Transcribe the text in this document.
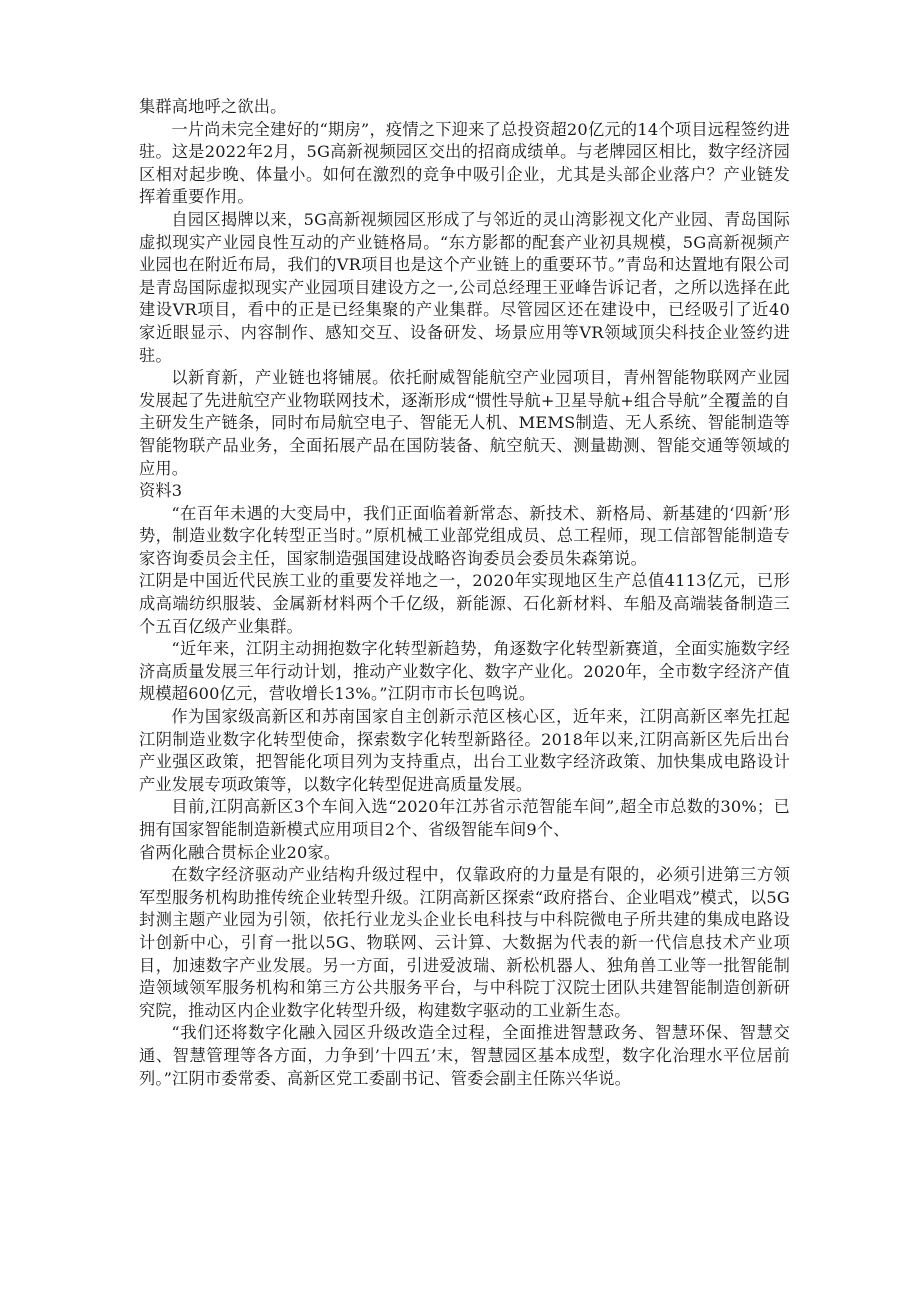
集群高地呼之欲出。

一片尚未完全建好的“期房”，疫情之下迎来了总投资超20亿元的14个项目远程签约进驻。这是2022年2月，5G高新视频园区交出的招商成绩单。与老牌园区相比，数字经济园区相对起步晚、体量小。如何在激烈的竞争中吸引企业，尤其是头部企业落户？产业链发挥着重要作用。

自园区揭牌以来，5G高新视频园区形成了与邻近的灵山湾影视文化产业园、青岛国际虚拟现实产业园良性互动的产业链格局。“东方影都的配套产业初具规模，5G高新视频产业园也在附近布局，我们的VR项目也是这个产业链上的重要环节。”青岛和达置地有限公司是青岛国际虚拟现实产业园项目建设方之一,公司总经理王亚峰告诉记者，之所以选择在此建设VR项目，看中的正是已经集聚的产业集群。尽管园区还在建设中，已经吸引了近40家近眼显示、内容制作、感知交互、设备研发、场景应用等VR领域顶尖科技企业签约进驻。

以新育新，产业链也将铺展。依托耐威智能航空产业园项目，青州智能物联网产业园发展起了先进航空产业物联网技术，逐渐形成“惯性导航+卫星导航+组合导航”全覆盖的自主研发生产链条，同时布局航空电子、智能无人机、MEMS制造、无人系统、智能制造等智能物联产品业务，全面拓展产品在国防装备、航空航天、测量勘测、智能交通等领域的应用。

资料3

“在百年未遇的大变局中，我们正面临着新常态、新技术、新格局、新基建的‘四新’形势，制造业数字化转型正当时。”原机械工业部党组成员、总工程师，现工信部智能制造专家咨询委员会主任，国家制造强国建设战略咨询委员会委员朱森第说。

江阴是中国近代民族工业的重要发祥地之一，2020年实现地区生产总值4113亿元，已形成高端纺织服装、金属新材料两个千亿级，新能源、石化新材料、车船及高端装备制造三个五百亿级产业集群。

“近年来，江阴主动拥抱数字化转型新趋势，角逐数字化转型新赛道，全面实施数字经济高质量发展三年行动计划，推动产业数字化、数字产业化。2020年，全市数字经济产值规模超600亿元，营收增长13%。”江阴市市长包鸣说。

作为国家级高新区和苏南国家自主创新示范区核心区，近年来，江阴高新区率先扛起江阴制造业数字化转型使命，探索数字化转型新路径。2018年以来,江阴高新区先后出台产业强区政策，把智能化项目列为支持重点，出台工业数字经济政策、加快集成电路设计产业发展专项政策等，以数字化转型促进高质量发展。

目前,江阴高新区3个车间入选“2020年江苏省示范智能车间”,超全市总数的30%；已拥有国家智能制造新模式应用项目2个、省级智能车间9个、

省两化融合贯标企业20家。

在数字经济驱动产业结构升级过程中，仅靠政府的力量是有限的，必须引进第三方领军型服务机构助推传统企业转型升级。江阴高新区探索“政府搭台、企业唱戏”模式，以5G封测主题产业园为引领，依托行业龙头企业长电科技与中科院微电子所共建的集成电路设计创新中心，引育一批以5G、物联网、云计算、大数据为代表的新一代信息技术产业项目，加速数字产业发展。另一方面，引进爱波瑞、新松机器人、独角兽工业等一批智能制造领域领军服务机构和第三方公共服务平台，与中科院丁汉院士团队共建智能制造创新研究院，推动区内企业数字化转型升级，构建数字驱动的工业新生态。

“我们还将数字化融入园区升级改造全过程，全面推进智慧政务、智慧环保、智慧交通、智慧管理等各方面，力争到’十四五’末，智慧园区基本成型，数字化治理水平位居前列。”江阴市委常委、高新区党工委副书记、管委会副主任陈兴华说。
